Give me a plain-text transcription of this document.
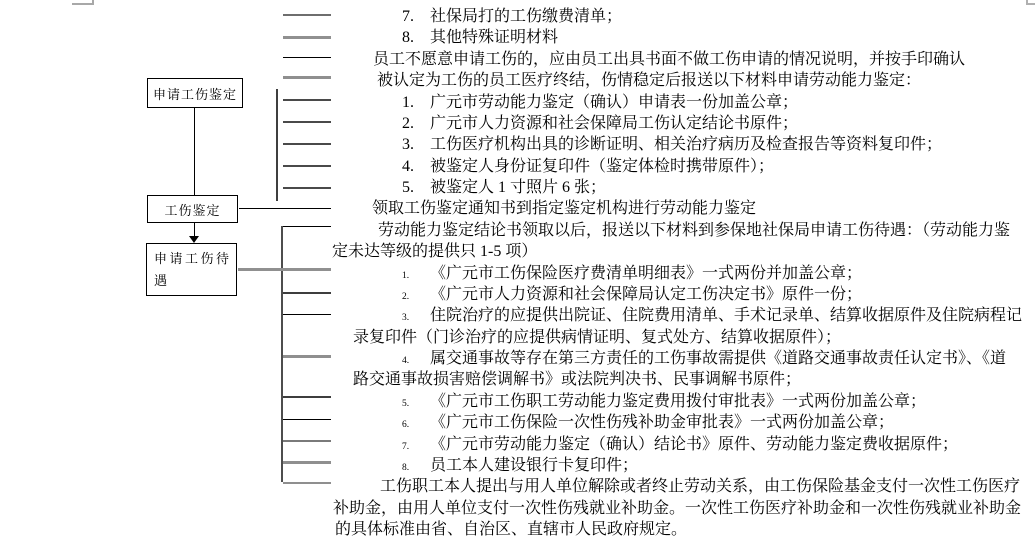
申请工伤鉴定
工伤鉴定
申请工伤待
遇
7. 社保局打的工伤缴费清单；
8. 其他特殊证明材料
员工不愿意申请工伤的，应由员工出具书面不做工伤申请的情况说明，并按手印确认
被认定为工伤的员工医疗终结，伤情稳定后报送以下材料申请劳动能力鉴定：
1. 广元市劳动能力鉴定（确认）申请表一份加盖公章；
2. 广元市人力资源和社会保障局工伤认定结论书原件；
3. 工伤医疗机构出具的诊断证明、相关治疗病历及检查报告等资料复印件；
4. 被鉴定人身份证复印件（鉴定体检时携带原件）；
5. 被鉴定人 1 寸照片 6 张；
领取工伤鉴定通知书到指定鉴定机构进行劳动能力鉴定
劳动能力鉴定结论书领取以后，报送以下材料到参保地社保局申请工伤待遇：（劳动能力鉴
定未达等级的提供只 1-5 项）
1. 《广元市工伤保险医疗费清单明细表》一式两份并加盖公章；
2. 《广元市人力资源和社会保障局认定工伤决定书》原件一份；
3. 住院治疗的应提供出院证、住院费用清单、手术记录单、结算收据原件及住院病程记
录复印件（门诊治疗的应提供病情证明、复式处方、结算收据原件）；
4. 属交通事故等存在第三方责任的工伤事故需提供《道路交通事故责任认定书》、《道
路交通事故损害赔偿调解书》或法院判决书、民事调解书原件；
5. 《广元市工伤职工劳动能力鉴定费用拨付审批表》一式两份加盖公章；
6. 《广元市工伤保险一次性伤残补助金审批表》一式两份加盖公章；
7. 《广元市劳动能力鉴定（确认）结论书》原件、劳动能力鉴定费收据原件；
8. 员工本人建设银行卡复印件；
工伤职工本人提出与用人单位解除或者终止劳动关系，由工伤保险基金支付一次性工伤医疗
补助金，由用人单位支付一次性伤残就业补助金。一次性工伤医疗补助金和一次性伤残就业补助金
的具体标准由省、自治区、直辖市人民政府规定。
